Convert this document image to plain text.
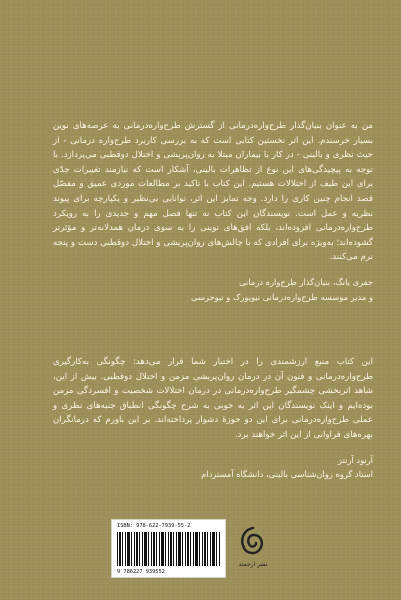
من به عنوان بنیان‌گذار طرح‌واره‌درمانی از گسترش طرح‌واره‌درمانی به عرصه‌های نوین بسیار خرسندم. این اثر نخستین کتابی است که به بررسی کاربرد طرح‌واره درمانی - از حیث نظری و بالینی - در کار با بیماران مبتلا به روان‌پریشی و اختلال دوقطبی می‌پردازد. با توجه به پیچیدگی‌های این نوع از تظاهرات بالینی، آشکار است که نیازمند تغییرات جدّی برای این طیف از اختلالات هستیم. این کتاب با تاکید بر مطالعات موردی عمیق و مفصّل قصد انجام چنین کاری را دارد. وجه تمایز این اثر، توانایی بی‌نظیر و یکپارچه برای پیوند نظریه و عمل است. نویسندگان این کتاب نه تنها فصل مهم و جدیدی را به رویکرد طرح‌واره‌درمانی افزوده‌اند، بلکه افق‌های نوینی را به سوی درمان همدلانه‌تر و مؤثرتر گشوده‌اند؛ به‌ویژه برای افرادی که با چالش‌های روان‌پریشی و اختلال دوقطبی دست و پنجه نرم می‌کنند.

جفری یانگ، بنیان‌گذار طرح‌واره درمانی

و مدیر موسسه طرح‌واره‌درمانی نیویورک و نیوجرسی

این کتاب منبع ارزشمندی را در اختیار شما قرار می‌دهد: چگونگی به‌کارگیری طرح‌واره‌درمانی و فنون آن در درمان روان‌پریشی مزمن و اختلال دوقطبی. بیش از این، شاهد اثربخشی چشمگیر طرح‌واره‌درمانی در درمان اختلالات شخصیت و افسردگی مزمن بوده‌ایم و اینک نویسندگان این اثر به خوبی به شرح چگونگی انطباق جنبه‌های نظری و عملی طرح‌واره‌درمانی برای این دو حوزهٔ دشوار پرداخته‌اند. بر این باورم که درمانگران بهره‌های فراوانی از این اثر خواهند برد.

آرنود آرنتز

استاد گروه روان‌شناسی بالینی، دانشگاه آمستردام

ISBN: 978-622-7939-55-2
9 786227 939552
نشر ارجمند
